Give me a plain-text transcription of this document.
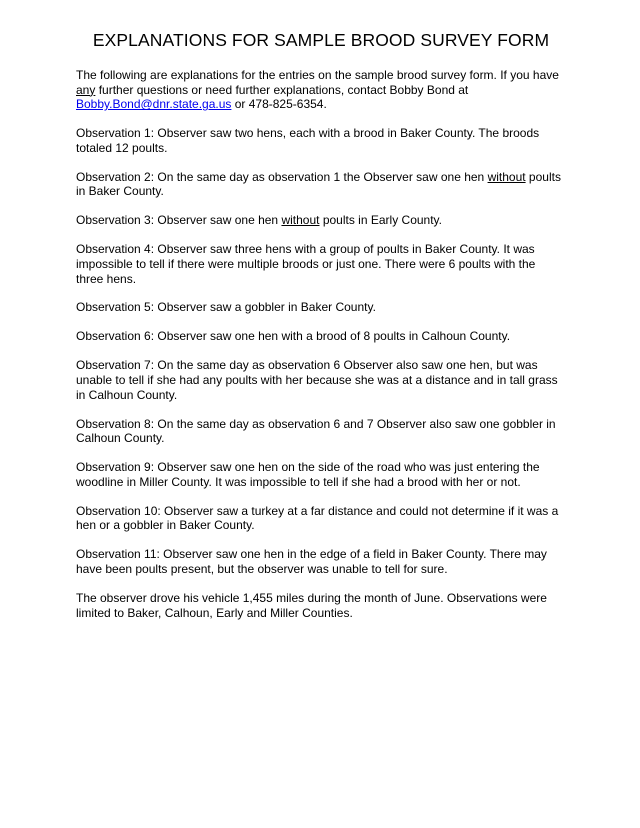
EXPLANATIONS FOR SAMPLE BROOD SURVEY FORM

The following are explanations for the entries on the sample brood survey form. If you have any further questions or need further explanations, contact Bobby Bond at Bobby.Bond@dnr.state.ga.us or 478-825-6354.

Observation 1: Observer saw two hens, each with a brood in Baker County. The broods totaled 12 poults.

Observation 2: On the same day as observation 1 the Observer saw one hen without poults in Baker County.

Observation 3: Observer saw one hen without poults in Early County.

Observation 4: Observer saw three hens with a group of poults in Baker County. It was impossible to tell if there were multiple broods or just one. There were 6 poults with the three hens.

Observation 5: Observer saw a gobbler in Baker County.

Observation 6: Observer saw one hen with a brood of 8 poults in Calhoun County.

Observation 7: On the same day as observation 6 Observer also saw one hen, but was unable to tell if she had any poults with her because she was at a distance and in tall grass in Calhoun County.

Observation 8: On the same day as observation 6 and 7 Observer also saw one gobbler in Calhoun County.

Observation 9: Observer saw one hen on the side of the road who was just entering the woodline in Miller County. It was impossible to tell if she had a brood with her or not.

Observation 10: Observer saw a turkey at a far distance and could not determine if it was a hen or a gobbler in Baker County.

Observation 11: Observer saw one hen in the edge of a field in Baker County. There may have been poults present, but the observer was unable to tell for sure.

The observer drove his vehicle 1,455 miles during the month of June. Observations were limited to Baker, Calhoun, Early and Miller Counties.
